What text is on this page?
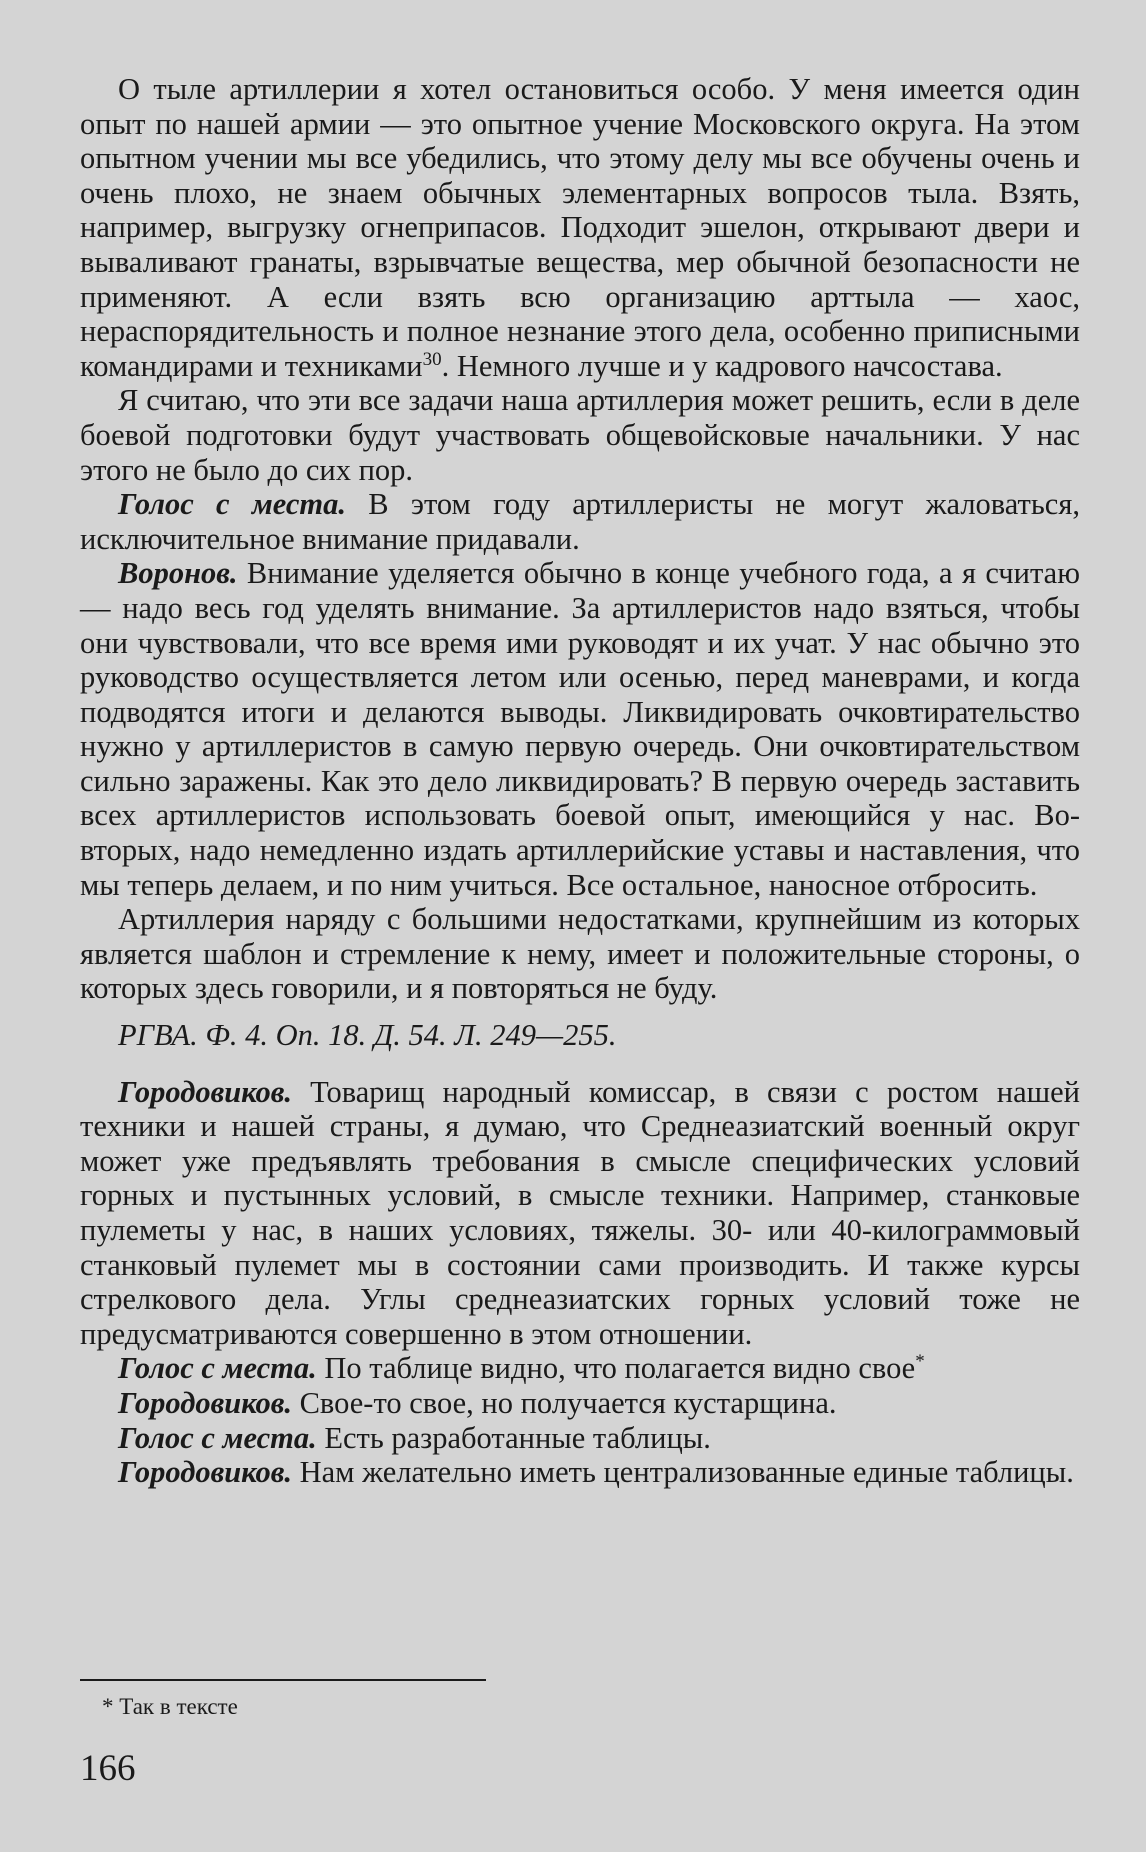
О тыле артиллерии я хотел остановиться особо. У меня имеется один опыт по нашей армии — это опытное учение Московского округа. На этом опытном учении мы все убедились, что этому делу мы все обучены очень и очень плохо, не знаем обычных элементарных вопросов тыла. Взять, например, выгрузку огнеприпасов. Подходит эшелон, открывают двери и вываливают гранаты, взрывчатые вещества, мер обычной безопасности не применяют. А если взять всю организацию арттыла — хаос, нераспорядительность и полное незнание этого дела, особенно приписными командирами и техниками$^{30}$. Немного лучше и у кадрового начсостава.

Я считаю, что эти все задачи наша артиллерия может решить, если в деле боевой подготовки будут участвовать общевойсковые начальники. У нас этого не было до сих пор.

Голос с места. В этом году артиллеристы не могут жаловаться, исключительное внимание придавали.

Воронов. Внимание уделяется обычно в конце учебного года, а я считаю — надо весь год уделять внимание. За артиллеристов надо взяться, чтобы они чувствовали, что все время ими руководят и их учат. У нас обычно это руководство осуществляется летом или осенью, перед маневрами, и когда подводятся итоги и делаются выводы. Ликвидировать очковтирательство нужно у артиллеристов в самую первую очередь. Они очковтирательством сильно заражены. Как это дело ликвидировать? В первую очередь заставить всех артиллеристов использовать боевой опыт, имеющийся у нас. Во-вторых, надо немедленно издать артиллерийские уставы и наставления, что мы теперь делаем, и по ним учиться. Все остальное, наносное отбросить.

Артиллерия наряду с большими недостатками, крупнейшим из которых является шаблон и стремление к нему, имеет и положительные стороны, о которых здесь говорили, и я повторяться не буду.

РГВА. Ф. 4. Оп. 18. Д. 54. Л. 249—255.

Городовиков. Товарищ народный комиссар, в связи с ростом нашей техники и нашей страны, я думаю, что Среднеазиатский военный округ может уже предъявлять требования в смысле специфических условий горных и пустынных условий, в смысле техники. Например, станковые пулеметы у нас, в наших условиях, тяжелы. 30- или 40-килограммовый станковый пулемет мы в состоянии сами производить. И также курсы стрелкового дела. Углы среднеазиатских горных условий тоже не предусматриваются совершенно в этом отношении.

Голос с места. По таблице видно, что полагается видно свое*

Городовиков. Свое-то свое, но получается кустарщина.

Голос с места. Есть разработанные таблицы.

Городовиков. Нам желательно иметь централизованные единые таблицы.

* Так в тексте
166
